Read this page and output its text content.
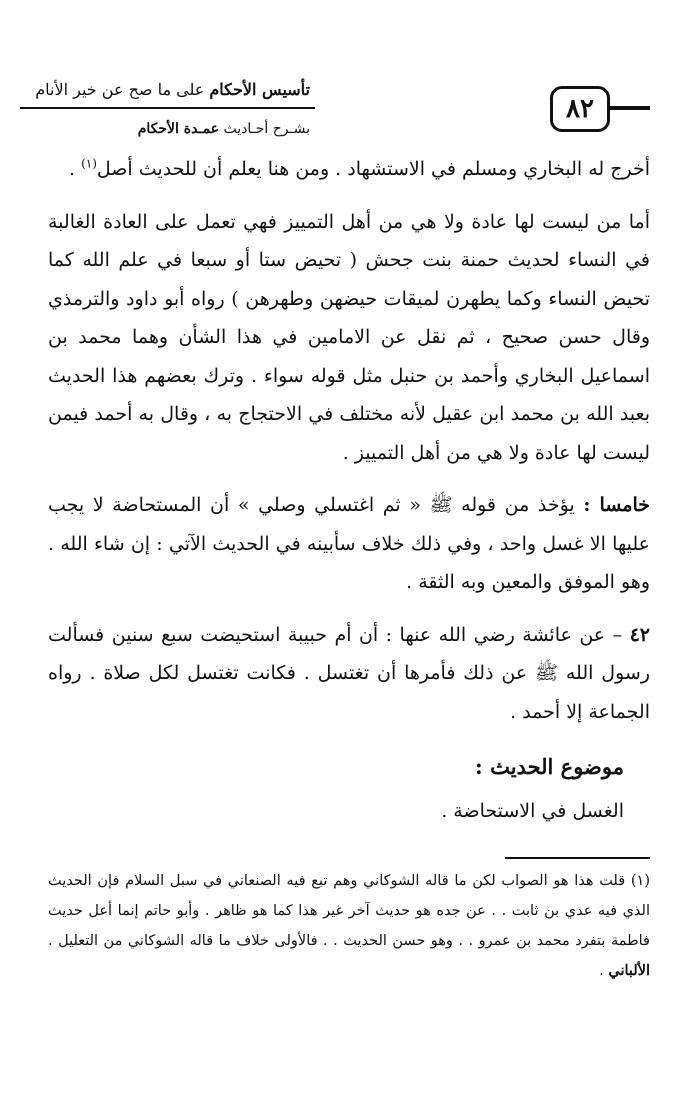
تأسيس الأحكام على ما صح عن خير الأنام
بشـرح أحـاديث عمـدة الأحكام
٨٢

أخرج له البخاري ومسلم في الاستشهاد . ومن هنا يعلم أن للحديث أصل$^{(١)}$ .

أما من ليست لها عادة ولا هي من أهل التمييز فهي تعمل على العادة الغالبة في النساء لحديث حمنة بنت جحش ( تحيض ستا أو سبعا في علم الله كما تحيض النساء وكما يطهرن لميقات حيضهن وطهرهن ) رواه أبو داود والترمذي وقال حسن صحيح ، ثم نقل عن الامامين في هذا الشأن وهما محمد بن اسماعيل البخاري وأحمد بن حنبل مثل قوله سواء . وترك بعضهم هذا الحديث بعبد الله بن محمد ابن عقيل لأنه مختلف في الاحتجاج به ، وقال به أحمد فيمن ليست لها عادة ولا هي من أهل التمييز .

خامسا : يؤخذ من قوله ﷺ « ثم اغتسلي وصلي » أن المستحاضة لا يجب عليها الا غسل واحد ، وفي ذلك خلاف سأبينه في الحديث الآتي : إن شاء الله . وهو الموفق والمعين وبه الثقة .

٤٢ – عن عائشة رضي الله عنها : أن أم حبيبة استحيضت سبع سنين فسألت رسول الله ﷺ عن ذلك فأمرها أن تغتسل . فكانت تغتسل لكل صلاة . رواه الجماعة إلا أحمد .

موضوع الحديث :

الغسل في الاستحاضة .

(١) قلت هذا هو الصواب لكن ما قاله الشوكاني وهم تبع فيه الصنعاني في سبل السلام فإن الحديث الذي فيه عدي بن ثابت . . عن جده هو حديث آخر غير هذا كما هو ظاهر . وأبو حاتم إنما أعل حديث فاطمة بتفرد محمد بن عمرو . . وهو حسن الحديث . . فالأولى خلاف ما قاله الشوكاني من التعليل . الألباني .
